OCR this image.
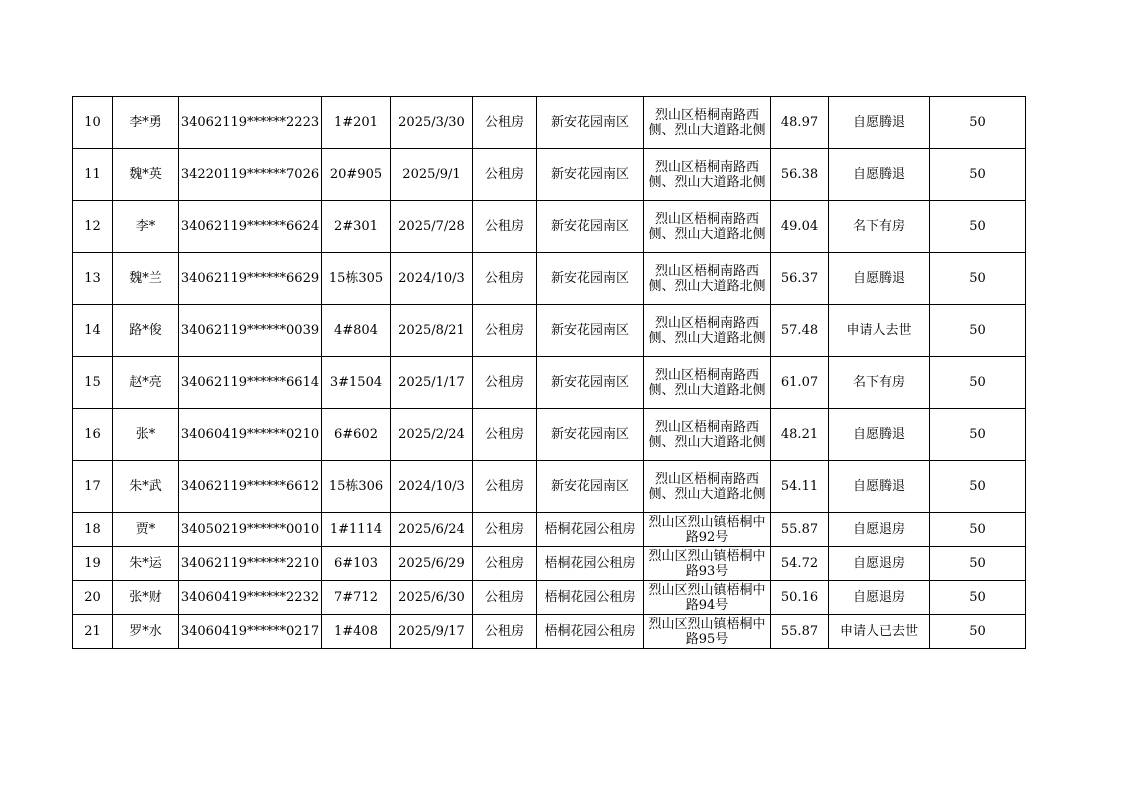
10	李*勇	34062119******2223	1#201	2025/3/30	公租房	新安花园南区	烈山区梧桐南路西侧、烈山大道路北侧	48.97	自愿腾退	50
11	魏*英	34220119******7026	20#905	2025/9/1	公租房	新安花园南区	烈山区梧桐南路西侧、烈山大道路北侧	56.38	自愿腾退	50
12	李*	34062119******6624	2#301	2025/7/28	公租房	新安花园南区	烈山区梧桐南路西侧、烈山大道路北侧	49.04	名下有房	50
13	魏*兰	34062119******6629	15栋305	2024/10/3	公租房	新安花园南区	烈山区梧桐南路西侧、烈山大道路北侧	56.37	自愿腾退	50
14	路*俊	34062119******0039	4#804	2025/8/21	公租房	新安花园南区	烈山区梧桐南路西侧、烈山大道路北侧	57.48	申请人去世	50
15	赵*亮	34062119******6614	3#1504	2025/1/17	公租房	新安花园南区	烈山区梧桐南路西侧、烈山大道路北侧	61.07	名下有房	50
16	张*	34060419******0210	6#602	2025/2/24	公租房	新安花园南区	烈山区梧桐南路西侧、烈山大道路北侧	48.21	自愿腾退	50
17	朱*武	34062119******6612	15栋306	2024/10/3	公租房	新安花园南区	烈山区梧桐南路西侧、烈山大道路北侧	54.11	自愿腾退	50
18	贾*	34050219******0010	1#1114	2025/6/24	公租房	梧桐花园公租房	烈山区烈山镇梧桐中路92号	55.87	自愿退房	50
19	朱*运	34062119******2210	6#103	2025/6/29	公租房	梧桐花园公租房	烈山区烈山镇梧桐中路93号	54.72	自愿退房	50
20	张*财	34060419******2232	7#712	2025/6/30	公租房	梧桐花园公租房	烈山区烈山镇梧桐中路94号	50.16	自愿退房	50
21	罗*水	34060419******0217	1#408	2025/9/17	公租房	梧桐花园公租房	烈山区烈山镇梧桐中路95号	55.87	申请人已去世	50
